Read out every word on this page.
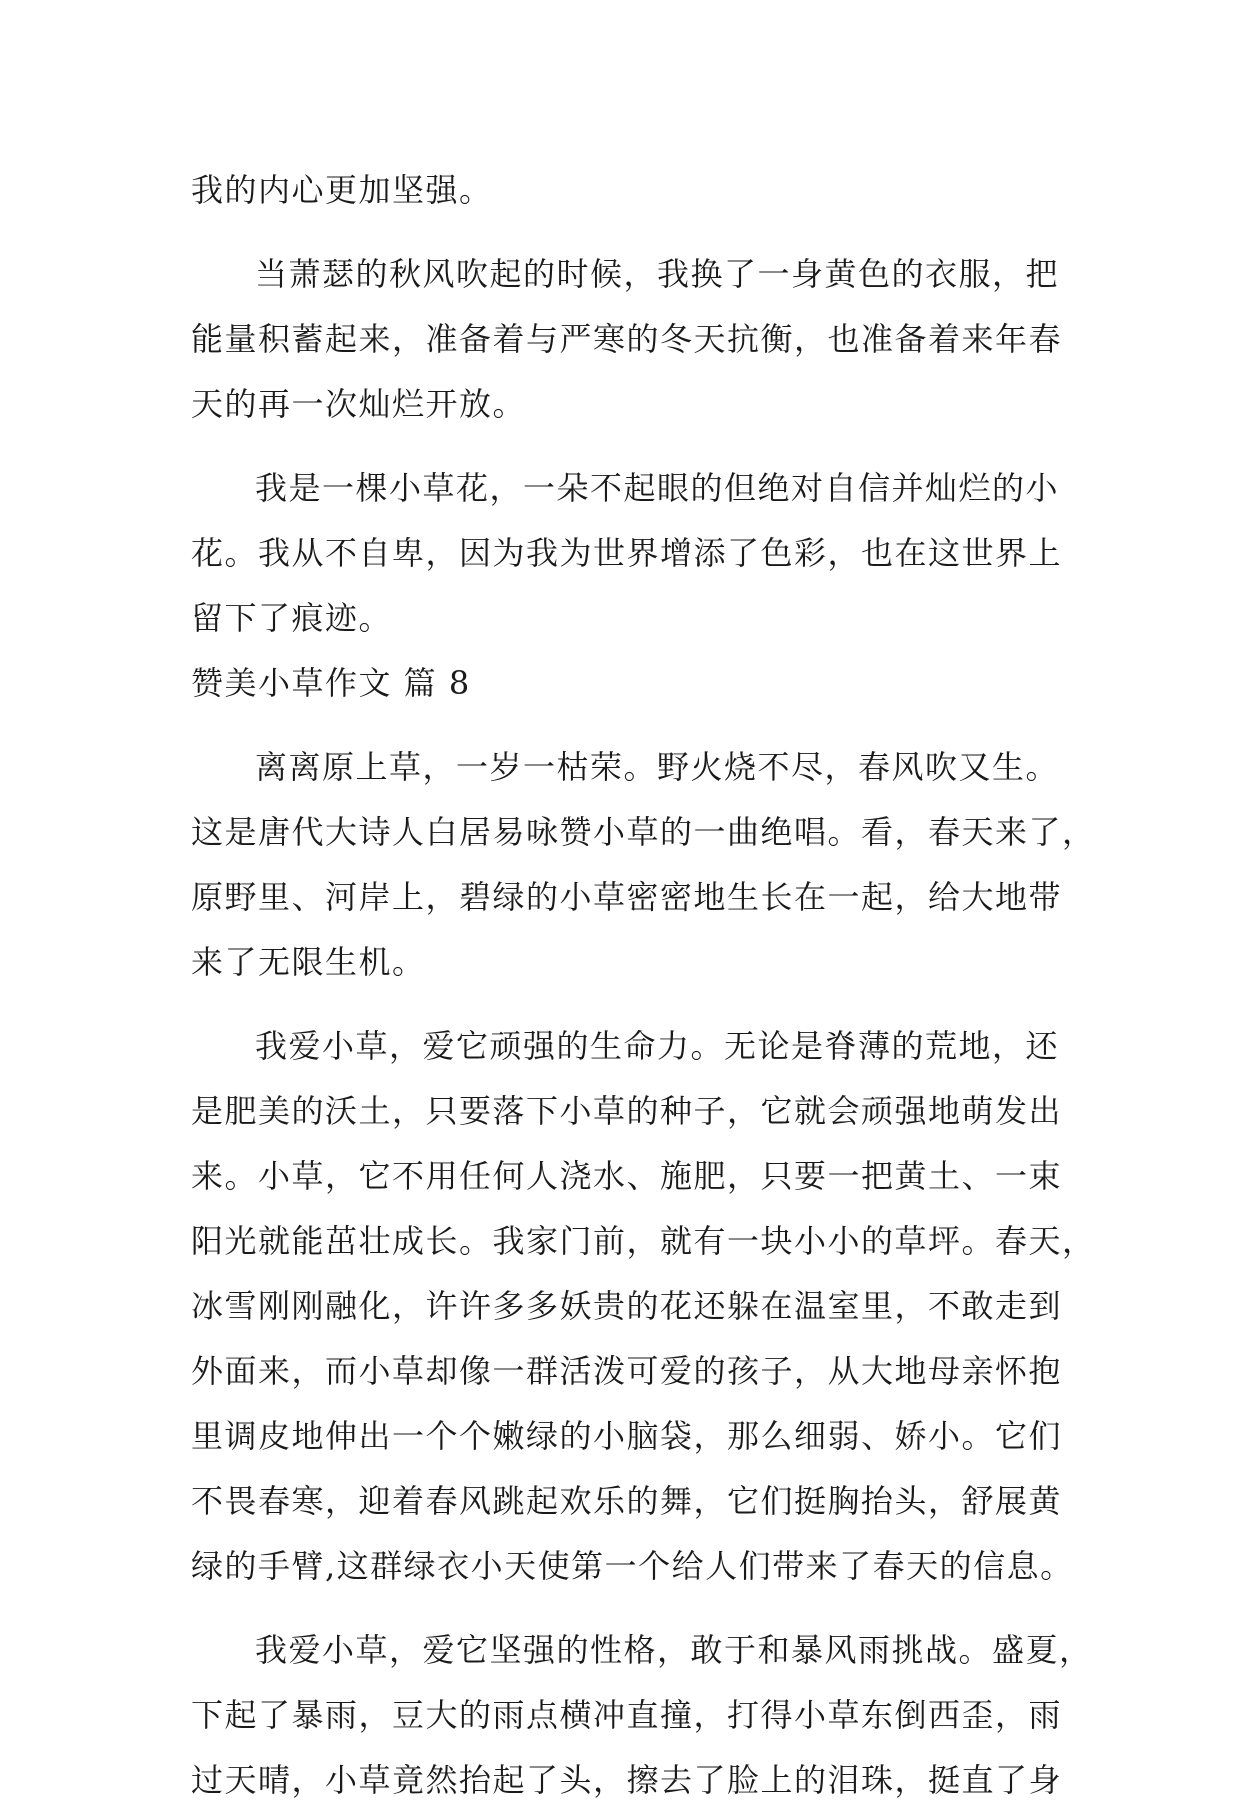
我的内心更加坚强。
当萧瑟的秋风吹起的时候，我换了一身黄色的衣服，把
能量积蓄起来，准备着与严寒的冬天抗衡，也准备着来年春
天的再一次灿烂开放。
我是一棵小草花，一朵不起眼的但绝对自信并灿烂的小
花。我从不自卑，因为我为世界增添了色彩，也在这世界上
留下了痕迹。
赞美小草作文 篇 8
离离原上草，一岁一枯荣。野火烧不尽，春风吹又生。
这是唐代大诗人白居易咏赞小草的一曲绝唱。看，春天来了，
原野里、河岸上，碧绿的小草密密地生长在一起，给大地带
来了无限生机。
我爱小草，爱它顽强的生命力。无论是脊薄的荒地，还
是肥美的沃土，只要落下小草的种子，它就会顽强地萌发出
来。小草，它不用任何人浇水、施肥，只要一把黄土、一束
阳光就能茁壮成长。我家门前，就有一块小小的草坪。春天，
冰雪刚刚融化，许许多多妖贵的花还躲在温室里，不敢走到
外面来，而小草却像一群活泼可爱的孩子，从大地母亲怀抱
里调皮地伸出一个个嫩绿的小脑袋，那么细弱、娇小。它们
不畏春寒，迎着春风跳起欢乐的舞，它们挺胸抬头，舒展黄
绿的手臂,这群绿衣小天使第一个给人们带来了春天的信息。
我爱小草，爱它坚强的性格，敢于和暴风雨挑战。盛夏，
下起了暴雨，豆大的雨点横冲直撞，打得小草东倒西歪，雨
过天晴，小草竟然抬起了头，擦去了脸上的泪珠，挺直了身
